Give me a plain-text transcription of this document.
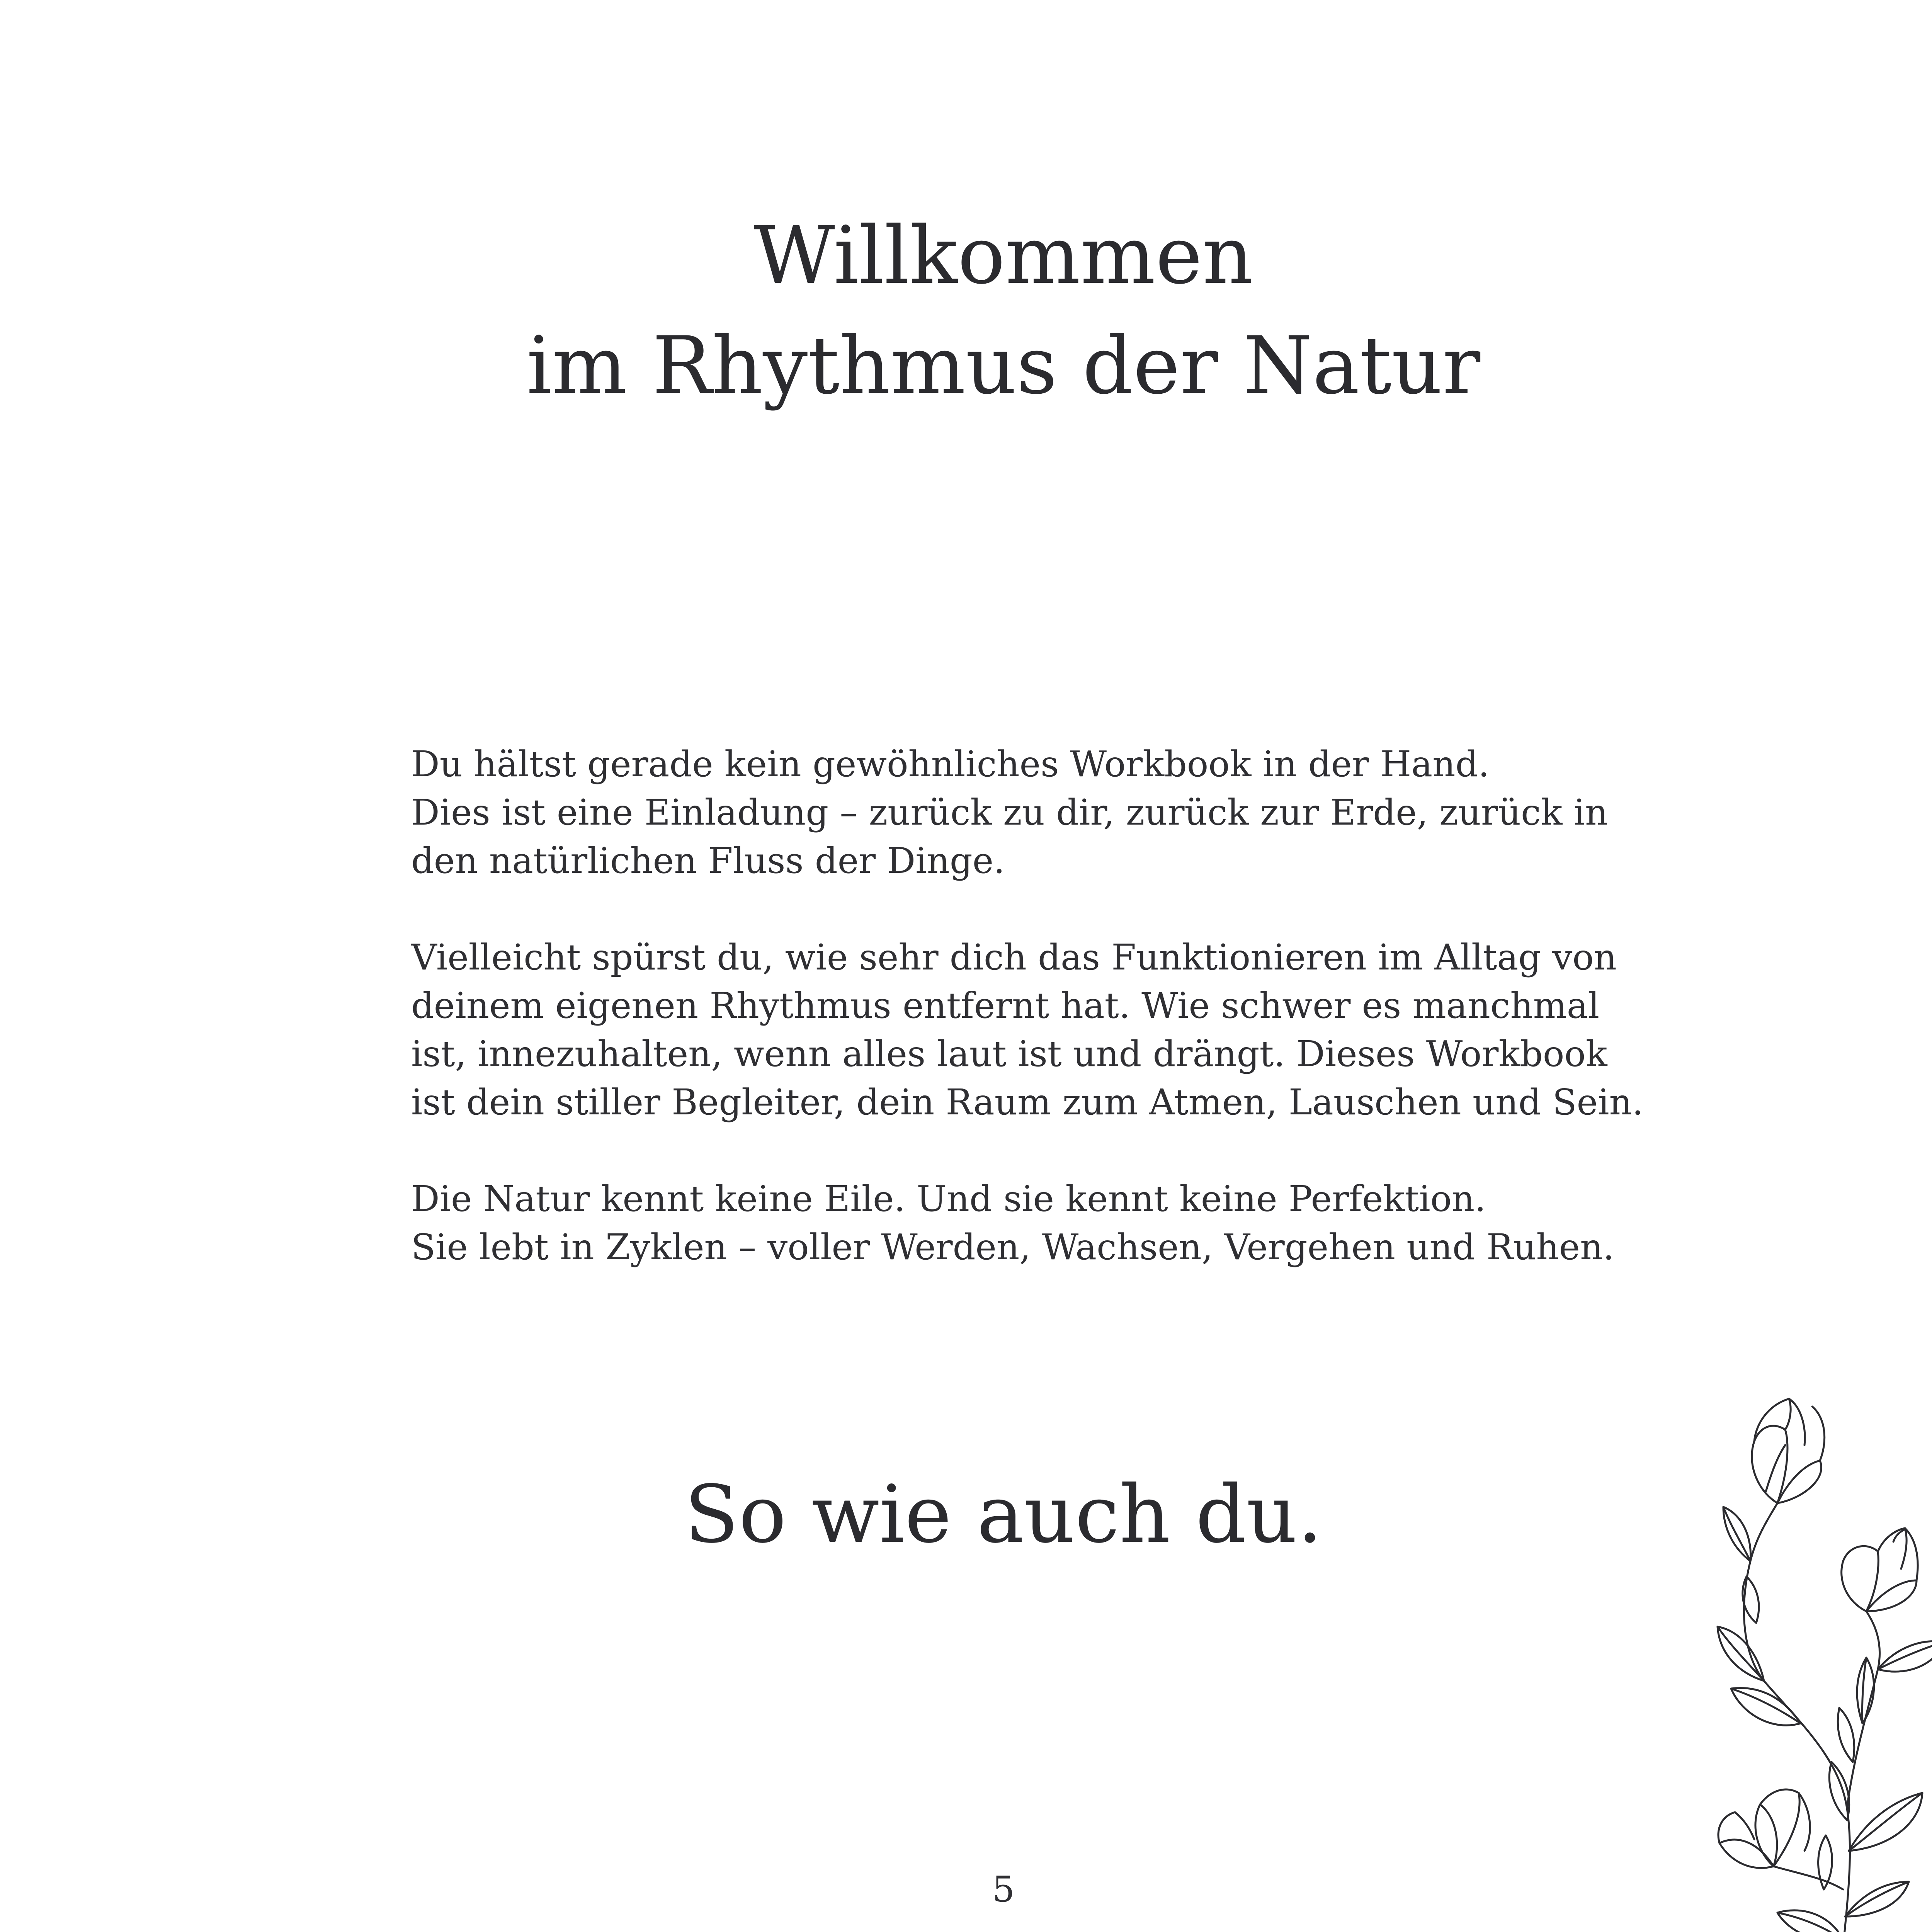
Willkommen
im Rhythmus der Natur

Du hältst gerade kein gewöhnliches Workbook in der Hand.
Dies ist eine Einladung – zurück zu dir, zurück zur Erde, zurück in
den natürlichen Fluss der Dinge.

Vielleicht spürst du, wie sehr dich das Funktionieren im Alltag von
deinem eigenen Rhythmus entfernt hat. Wie schwer es manchmal
ist, innezuhalten, wenn alles laut ist und drängt. Dieses Workbook
ist dein stiller Begleiter, dein Raum zum Atmen, Lauschen und Sein.

Die Natur kennt keine Eile. Und sie kennt keine Perfektion.
Sie lebt in Zyklen – voller Werden, Wachsen, Vergehen und Ruhen.

So wie auch du.
5
